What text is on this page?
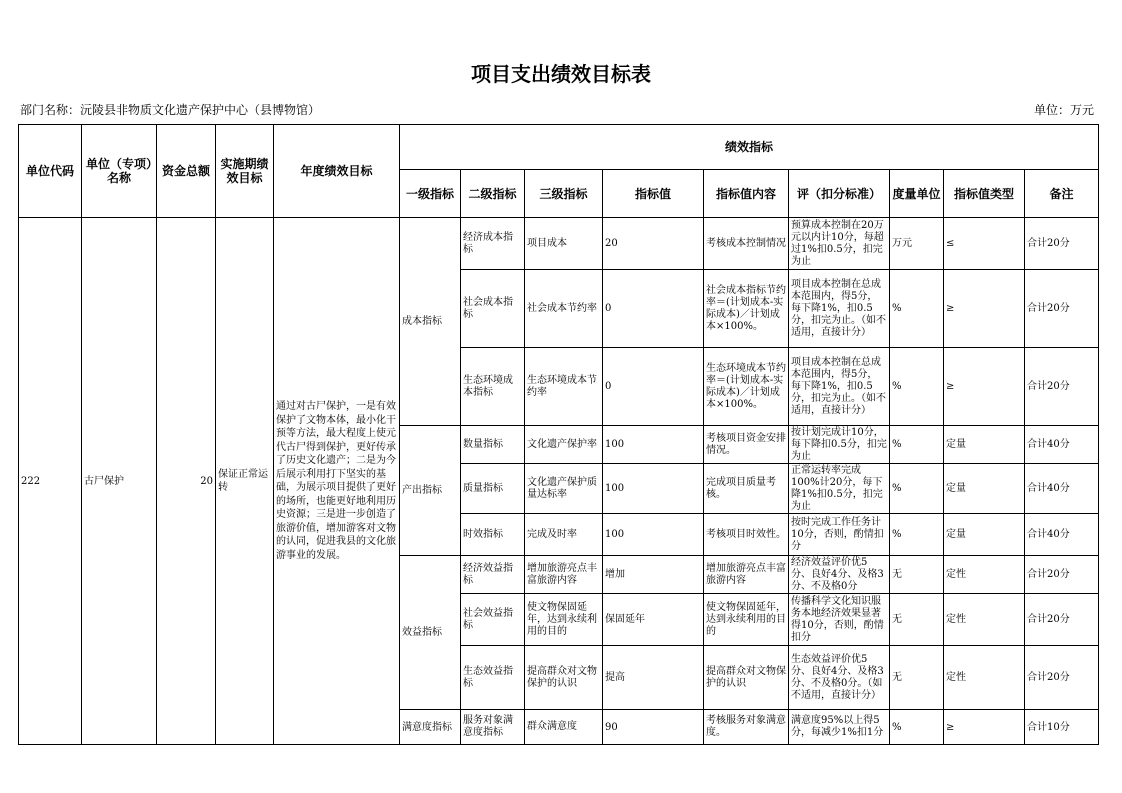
项目支出绩效目标表
部门名称：沅陵县非物质文化遗产保护中心（县博物馆）	单位：万元
单位代码	单位（专项）名称	资金总额	实施期绩效目标	年度绩效目标	绩效指标								
					一级指标	二级指标	三级指标	指标值	指标值内容	评（扣分标准）	度量单位	指标值类型	备注
222	古尸保护	20	保证正常运转	通过对古尸保护，一是有效保护了文物本体，最小化干预等方法，最大程度上使元代古尸得到保护，更好传承了历史文化遗产；二是为今后展示利用打下坚实的基础，为展示项目提供了更好的场所，也能更好地利用历史资源；三是进一步创造了旅游价值，增加游客对文物的认同，促进我县的文化旅游事业的发展。	成本指标	经济成本指标	项目成本	20	考核成本控制情况	预算成本控制在20万元以内计10分，每超过1%扣0.5分，扣完为止	万元	≤	合计20分
						社会成本指标	社会成本节约率	0	社会成本指标节约率＝(计划成本-实际成本)／计划成本×100%。	项目成本控制在总成本范围内，得5分，每下降1%，扣0.5分，扣完为止。（如不适用，直接计分）	%	≥	合计20分
						生态环境成本指标	生态环境成本节约率	0	生态环境成本节约率＝(计划成本-实际成本)／计划成本×100%。	项目成本控制在总成本范围内，得5分，每下降1%，扣0.5分，扣完为止。（如不适用，直接计分）	%	≥	合计20分
					产出指标	数量指标	文化遗产保护率	100	考核项目资金安排情况。	按计划完成计10分，每下降扣0.5分，扣完为止	%	定量	合计40分
						质量指标	文化遗产保护质量达标率	100	完成项目质量考核。	正常运转率完成100%计20分，每下降1%扣0.5分，扣完为止	%	定量	合计40分
						时效指标	完成及时率	100	考核项目时效性。	按时完成工作任务计10分，否则，酌情扣分	%	定量	合计40分
					效益指标	经济效益指标	增加旅游亮点丰富旅游内容	增加	增加旅游亮点丰富旅游内容	经济效益评价优5分、良好4分、及格3分、不及格0分	无	定性	合计20分
						社会效益指标	使文物保固延年，达到永续利用的目的	保固延年	使文物保固延年，达到永续利用的目的	传播科学文化知识服务本地经济效果显著得10分，否则，酌情扣分	无	定性	合计20分
						生态效益指标	提高群众对文物保护的认识	提高	提高群众对文物保护的认识	生态效益评价优5分、良好4分、及格3分、不及格0分。（如不适用，直接计分）	无	定性	合计20分
					满意度指标	服务对象满意度指标	群众满意度	90	考核服务对象满意度。	满意度95%以上得5分，每减少1%扣1分	%	≥	合计10分
